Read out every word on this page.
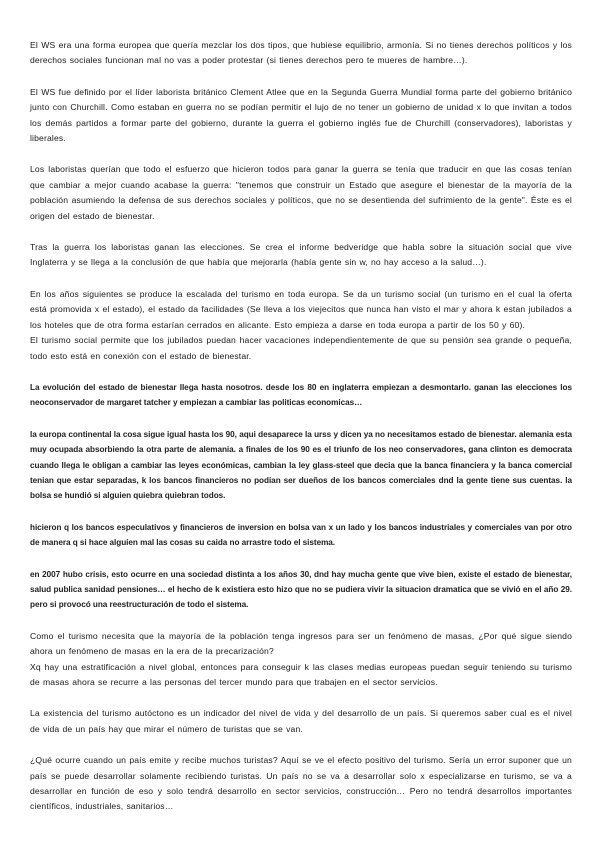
El WS era una forma europea que quería mezclar los dos tipos, que hubiese equilibrio, armonía. Si no tienes derechos políticos y los derechos sociales funcionan mal no vas a poder protestar (si tienes derechos pero te mueres de hambre…).

El WS fue definido por el líder laborista británico Clement Atlee que en la Segunda Guerra Mundial forma parte del gobierno británico junto con Churchill. Como estaban en guerra no se podían permitir el lujo de no tener un gobierno de unidad x lo que invitan a todos los demás partidos a formar parte del gobierno, durante la guerra el gobierno inglés fue de Churchill (conservadores), laboristas y liberales.

Los laboristas querían que todo el esfuerzo que hicieron todos para ganar la guerra se tenía que traducir en que las cosas tenían que cambiar a mejor cuando acabase la guerra: "tenemos que construir un Estado que asegure el bienestar de la mayoría de la población asumiendo la defensa de sus derechos sociales y políticos, que no se desentienda del sufrimiento de la gente". Éste es el origen del estado de bienestar.

Tras la guerra los laboristas ganan las elecciones. Se crea el informe bedveridge que habla sobre la situación social que vive Inglaterra y se llega a la conclusión de que había que mejorarla (había gente sin w, no hay acceso a la salud…).

En los años siguientes se produce la escalada del turismo en toda europa. Se da un turismo social (un turismo en el cual la oferta está promovida x el estado), el estado da facilidades (Se lleva a los viejecitos que nunca han visto el mar y ahora k estan jubilados a los hoteles que de otra forma estarían cerrados en alicante. Esto empieza a darse en toda europa a partir de los 50 y 60).

El turismo social permite que los jubilados puedan hacer vacaciones independientemente de que su pensión sea grande o pequeña, todo esto está en conexión con el estado de bienestar.

La evolución del estado de bienestar llega hasta nosotros. desde los 80 en inglaterra empiezan a desmontarlo. ganan las elecciones los neoconservador de margaret tatcher y empiezan a cambiar las politicas economicas…

la europa continental la cosa sigue igual hasta los 90, aqui desaparece la urss y dicen ya no necesitamos estado de bienestar. alemania esta muy ocupada absorbiendo la otra parte de alemania. a finales de los 90 es el triunfo de los neo conservadores, gana clinton es democrata cuando llega le obligan a cambiar las leyes económicas, cambian la ley glass-steel que decia que la banca financiera y la banca comercial tenian que estar separadas, k los bancos financieros no podian ser dueños de los bancos comerciales dnd la gente tiene sus cuentas. la bolsa se hundió si alguien quiebra quiebran todos.

hicieron q los bancos especulativos y financieros de inversion en bolsa van x un lado y los bancos industriales y comerciales van por otro de manera q si hace alguien mal las cosas su caida no arrastre todo el sistema.

en 2007 hubo crisis, esto ocurre en una sociedad distinta a los años 30, dnd hay mucha gente que vive bien, existe el estado de bienestar, salud publica sanidad pensiones… el hecho de k existiera esto hizo que no se pudiera vivir la situacion dramatica que se vivió en el año 29. pero si provocó una reestructuración de todo el sistema.

Como el turismo necesita que la mayoría de la población tenga ingresos para ser un fenómeno de masas, ¿Por qué sigue siendo ahora un fenómeno de masas en la era de la precarización?

Xq hay una estratificación a nivel global, entonces para conseguir k las clases medias europeas puedan seguir teniendo su turismo de masas ahora se recurre a las personas del tercer mundo para que trabajen en el sector servicios.

La existencia del turismo autóctono es un indicador del nivel de vida y del desarrollo de un país. Si queremos saber cual es el nivel de vida de un país hay que mirar el número de turistas que se van.

¿Qué ocurre cuando un país emite y recibe muchos turistas? Aquí se ve el efecto positivo del turismo. Sería un error suponer que un país se puede desarrollar solamente recibiendo turistas. Un país no se va a desarrollar solo x especializarse en turismo, se va a desarrollar en función de eso y solo tendrá desarrollo en sector servicios, construcción… Pero no tendrá desarrollos importantes científicos, industriales, sanitarios…
